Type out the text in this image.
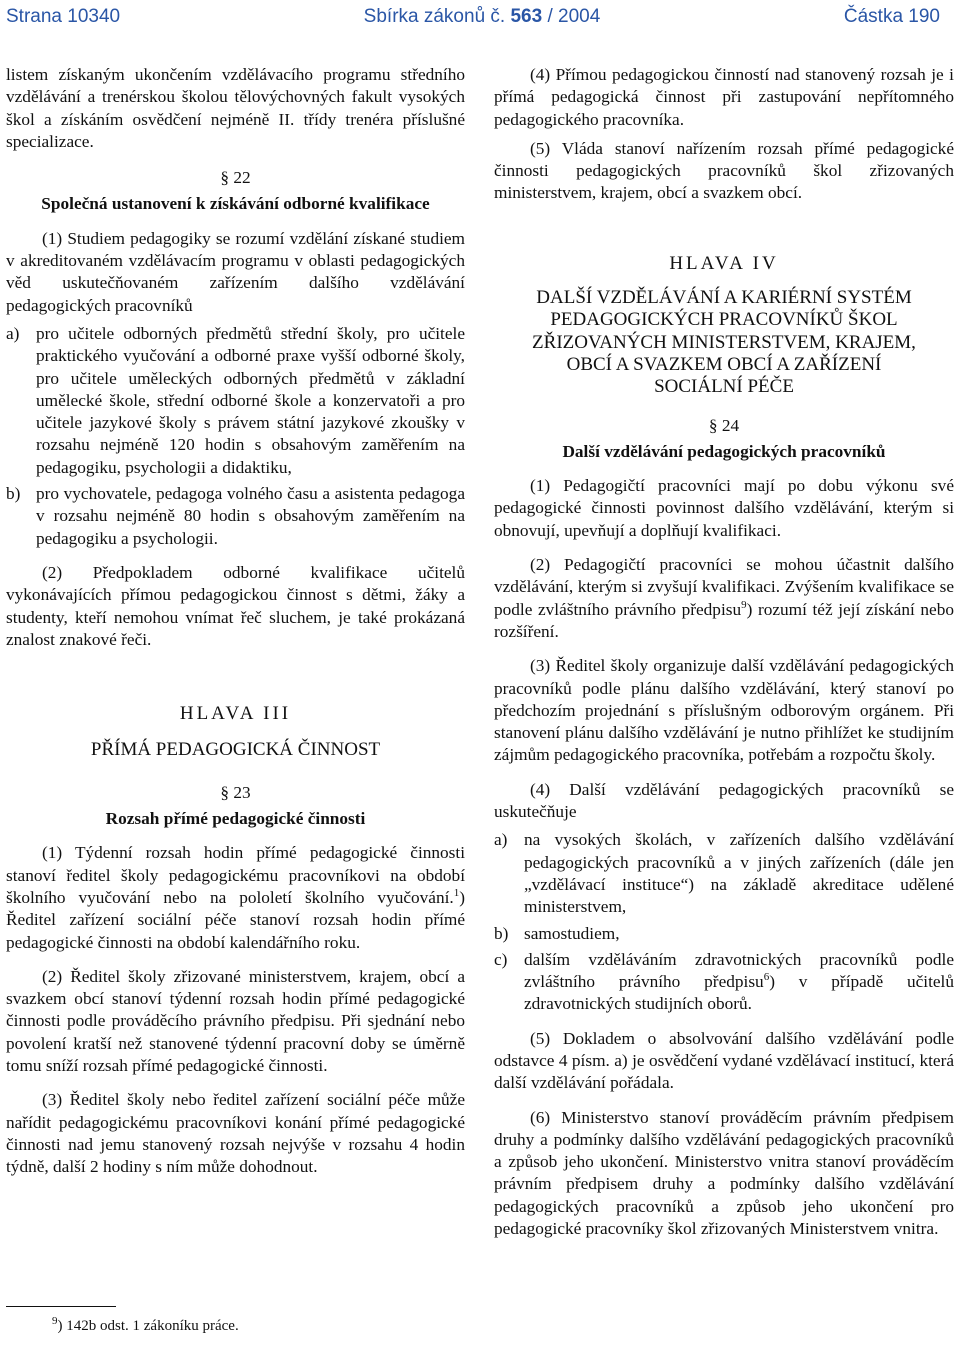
Strana 10340	Sbírka zákonů č. 563 / 2004	Částka 190

listem získaným ukončením vzdělávacího programu středního vzdělávání a trenérskou školou tělovýchovných fakult vysokých škol a získáním osvědčení nejméně II. třídy trenéra příslušné specializace.

§ 22

Společná ustanovení k získávání odborné kvalifikace

(1) Studiem pedagogiky se rozumí vzdělání získané studiem v akreditovaném vzdělávacím programu v oblasti pedagogických věd uskutečňovaném zařízením dalšího vzdělávání pedagogických pracovníků

a) pro učitele odborných předmětů střední školy, pro učitele praktického vyučování a odborné praxe vyšší odborné školy, pro učitele uměleckých odborných předmětů v základní umělecké škole, střední odborné škole a konzervatoři a pro učitele jazykové školy s právem státní jazykové zkoušky v rozsahu nejméně 120 hodin s obsahovým zaměřením na pedagogiku, psychologii a didaktiku,
b) pro vychovatele, pedagoga volného času a asistenta pedagoga v rozsahu nejméně 80 hodin s obsahovým zaměřením na pedagogiku a psychologii.

(2) Předpokladem odborné kvalifikace učitelů vykonávajících přímou pedagogickou činnost s dětmi, žáky a studenty, kteří nemohou vnímat řeč sluchem, je také prokázaná znalost znakové řeči.

HLAVA III

PŘÍMÁ PEDAGOGICKÁ ČINNOST

§ 23

Rozsah přímé pedagogické činnosti

(1) Týdenní rozsah hodin přímé pedagogické činnosti stanoví ředitel školy pedagogickému pracovníkovi na období školního vyučování nebo na pololetí školního vyučování.$^1$) Ředitel zařízení sociální péče stanoví rozsah hodin přímé pedagogické činnosti na období kalendářního roku.

(2) Ředitel školy zřizované ministerstvem, krajem, obcí a svazkem obcí stanoví týdenní rozsah hodin přímé pedagogické činnosti podle prováděcího právního předpisu. Při sjednání nebo povolení kratší než stanovené týdenní pracovní doby se úměrně tomu sníží rozsah přímé pedagogické činnosti.

(3) Ředitel školy nebo ředitel zařízení sociální péče může nařídit pedagogickému pracovníkovi konání přímé pedagogické činnosti nad jemu stanovený rozsah nejvýše v rozsahu 4 hodin týdně, další 2 hodiny s ním může dohodnout.

(4) Přímou pedagogickou činností nad stanovený rozsah je i přímá pedagogická činnost při zastupování nepřítomného pedagogického pracovníka.

(5) Vláda stanoví nařízením rozsah přímé pedagogické činnosti pedagogických pracovníků škol zřizovaných ministerstvem, krajem, obcí a svazkem obcí.

HLAVA IV

DALŠÍ VZDĚLÁVÁNÍ A KARIÉRNÍ SYSTÉM
PEDAGOGICKÝCH PRACOVNÍKŮ ŠKOL
ZŘIZOVANÝCH MINISTERSTVEM, KRAJEM,
OBCÍ A SVAZKEM OBCÍ A ZAŘÍZENÍ
SOCIÁLNÍ PÉČE

§ 24

Další vzdělávání pedagogických pracovníků

(1) Pedagogičtí pracovníci mají po dobu výkonu své pedagogické činnosti povinnost dalšího vzdělávání, kterým si obnovují, upevňují a doplňují kvalifikaci.

(2) Pedagogičtí pracovníci se mohou účastnit dalšího vzdělávání, kterým si zvyšují kvalifikaci. Zvýšením kvalifikace se podle zvláštního právního předpisu$^9$) rozumí též její získání nebo rozšíření.

(3) Ředitel školy organizuje další vzdělávání pedagogických pracovníků podle plánu dalšího vzdělávání, který stanoví po předchozím projednání s příslušným odborovým orgánem. Při stanovení plánu dalšího vzdělávání je nutno přihlížet ke studijním zájmům pedagogického pracovníka, potřebám a rozpočtu školy.

(4) Další vzdělávání pedagogických pracovníků se uskutečňuje

a) na vysokých školách, v zařízeních dalšího vzdělávání pedagogických pracovníků a v jiných zařízeních (dále jen „vzdělávací instituce“) na základě akreditace udělené ministerstvem,
b) samostudiem,
c) dalším vzděláváním zdravotnických pracovníků podle zvláštního právního předpisu$^6$) v případě učitelů zdravotnických studijních oborů.

(5) Dokladem o absolvování dalšího vzdělávání podle odstavce 4 písm. a) je osvědčení vydané vzdělávací institucí, která další vzdělávání pořádala.

(6) Ministerstvo stanoví prováděcím právním předpisem druhy a podmínky dalšího vzdělávání pedagogických pracovníků a způsob jeho ukončení. Ministerstvo vnitra stanoví prováděcím právním předpisem druhy a podmínky dalšího vzdělávání pedagogických pracovníků a způsob jeho ukončení pro pedagogické pracovníky škol zřizovaných Ministerstvem vnitra.

$^9$) 142b odst. 1 zákoníku práce.
